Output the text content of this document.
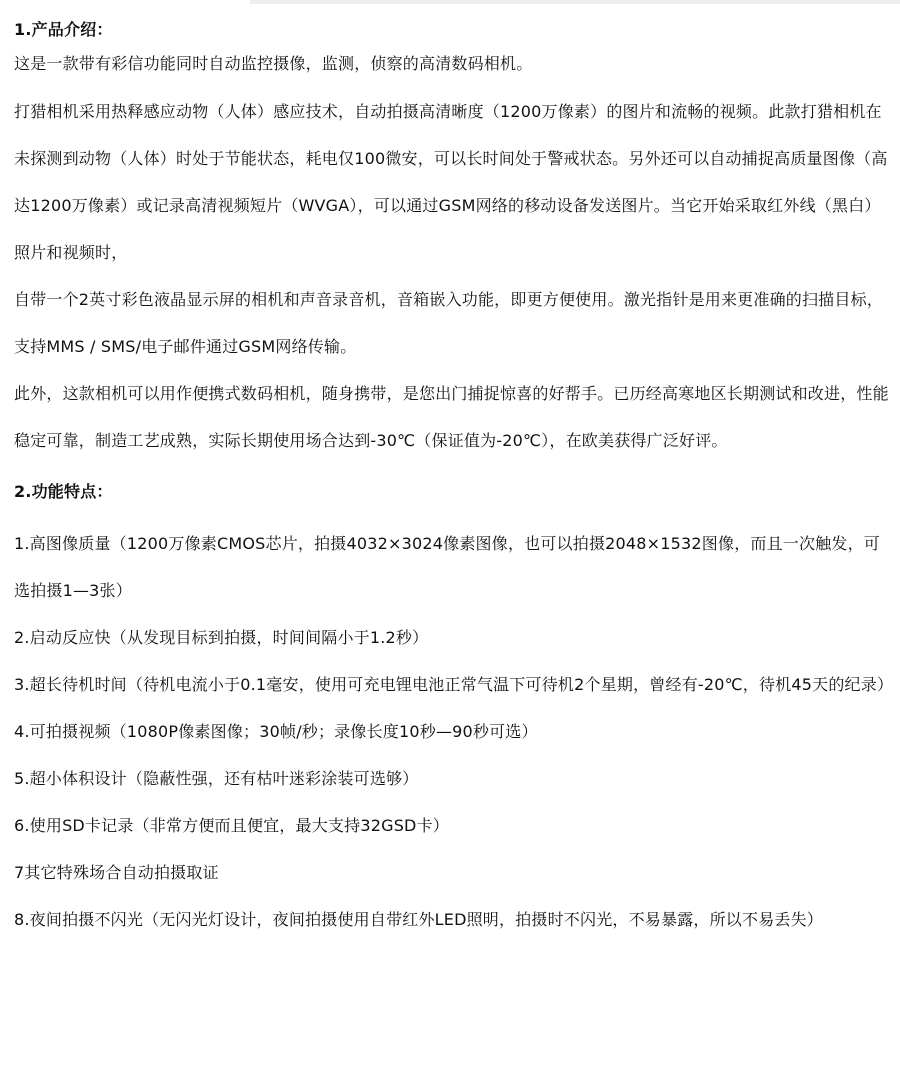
1.产品介绍：

这是一款带有彩信功能同时自动监控摄像，监测，侦察的高清数码相机。

打猎相机采用热释感应动物（人体）感应技术，自动拍摄高清晰度（1200万像素）的图片和流畅的视频。此款打猎相机在未探测到动物（人体）时处于节能状态，耗电仅100微安，可以长时间处于警戒状态。另外还可以自动捕捉高质量图像（高达1200万像素）或记录高清视频短片（WVGA），可以通过GSM网络的移动设备发送图片。当它开始采取红外线（黑白）照片和视频时，

自带一个2英寸彩色液晶显示屏的相机和声音录音机，音箱嵌入功能，即更方便使用。激光指针是用来更准确的扫描目标，支持MMS / SMS/电子邮件通过GSM网络传输。

此外，这款相机可以用作便携式数码相机，随身携带，是您出门捕捉惊喜的好帮手。已历经高寒地区长期测试和改进，性能稳定可靠，制造工艺成熟，实际长期使用场合达到-30℃（保证值为-20℃），在欧美获得广泛好评。

2.功能特点：

1.高图像质量（1200万像素CMOS芯片，拍摄4032×3024像素图像，也可以拍摄2048×1532图像，而且一次触发，可选拍摄1—3张）

2.启动反应快（从发现目标到拍摄，时间间隔小于1.2秒）

3.超长待机时间（待机电流小于0.1毫安，使用可充电锂电池正常气温下可待机2个星期，曾经有-20℃，待机45天的纪录）

4.可拍摄视频（1080P像素图像；30帧/秒；录像长度10秒—90秒可选）

5.超小体积设计（隐蔽性强，还有枯叶迷彩涂装可选够）

6.使用SD卡记录（非常方便而且便宜，最大支持32GSD卡）

7其它特殊场合自动拍摄取证

8.夜间拍摄不闪光（无闪光灯设计，夜间拍摄使用自带红外LED照明，拍摄时不闪光，不易暴露，所以不易丢失）
